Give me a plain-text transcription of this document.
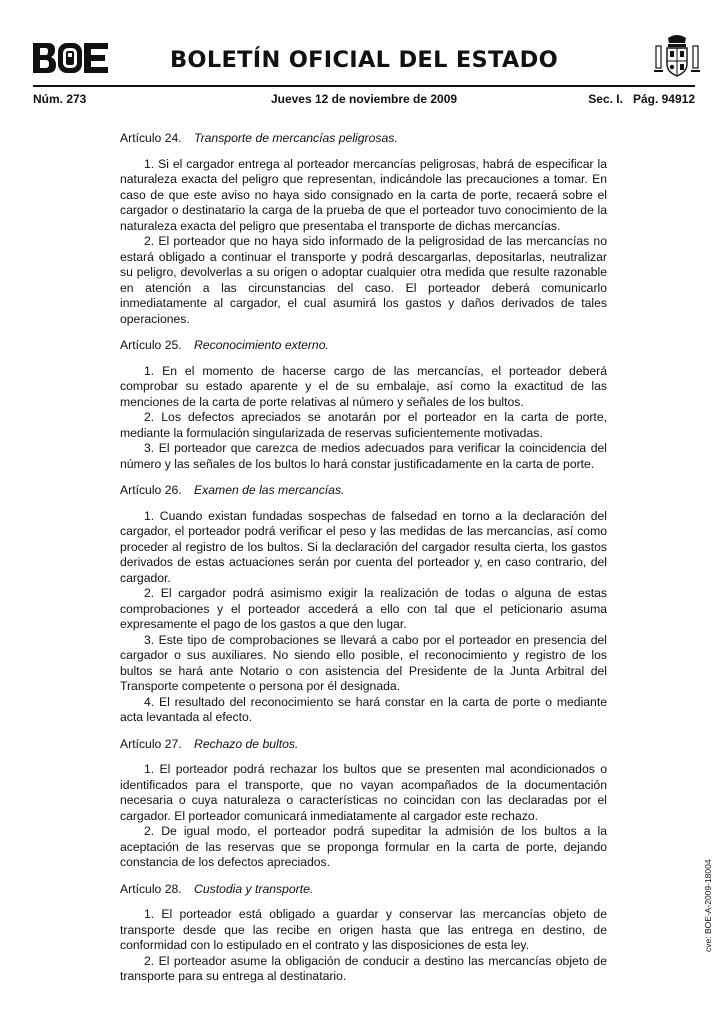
BOLETÍN OFICIAL DEL ESTADO
Núm. 273	Jueves 12 de noviembre de 2009	Sec. I.   Pág. 94912

Artículo 24. Transporte de mercancías peligrosas.

1. Si el cargador entrega al porteador mercancías peligrosas, habrá de especificar la naturaleza exacta del peligro que representan, indicándole las precauciones a tomar. En caso de que este aviso no haya sido consignado en la carta de porte, recaerá sobre el cargador o destinatario la carga de la prueba de que el porteador tuvo conocimiento de la naturaleza exacta del peligro que presentaba el transporte de dichas mercancías.

2. El porteador que no haya sido informado de la peligrosidad de las mercancías no estará obligado a continuar el transporte y podrá descargarlas, depositarlas, neutralizar su peligro, devolverlas a su origen o adoptar cualquier otra medida que resulte razonable en atención a las circunstancias del caso. El porteador deberá comunicarlo inmediatamente al cargador, el cual asumirá los gastos y daños derivados de tales operaciones.

Artículo 25. Reconocimiento externo.

1. En el momento de hacerse cargo de las mercancías, el porteador deberá comprobar su estado aparente y el de su embalaje, así como la exactitud de las menciones de la carta de porte relativas al número y señales de los bultos.

2. Los defectos apreciados se anotarán por el porteador en la carta de porte, mediante la formulación singularizada de reservas suficientemente motivadas.

3. El porteador que carezca de medios adecuados para verificar la coincidencia del número y las señales de los bultos lo hará constar justificadamente en la carta de porte.

Artículo 26. Examen de las mercancías.

1. Cuando existan fundadas sospechas de falsedad en torno a la declaración del cargador, el porteador podrá verificar el peso y las medidas de las mercancías, así como proceder al registro de los bultos. Si la declaración del cargador resulta cierta, los gastos derivados de estas actuaciones serán por cuenta del porteador y, en caso contrario, del cargador.

2. El cargador podrá asimismo exigir la realización de todas o alguna de estas comprobaciones y el porteador accederá a ello con tal que el peticionario asuma expresamente el pago de los gastos a que den lugar.

3. Este tipo de comprobaciones se llevará a cabo por el porteador en presencia del cargador o sus auxiliares. No siendo ello posible, el reconocimiento y registro de los bultos se hará ante Notario o con asistencia del Presidente de la Junta Arbitral del Transporte competente o persona por él designada.

4. El resultado del reconocimiento se hará constar en la carta de porte o mediante acta levantada al efecto.

Artículo 27. Rechazo de bultos.

1. El porteador podrá rechazar los bultos que se presenten mal acondicionados o identificados para el transporte, que no vayan acompañados de la documentación necesaria o cuya naturaleza o características no coincidan con las declaradas por el cargador. El porteador comunicará inmediatamente al cargador este rechazo.

2. De igual modo, el porteador podrá supeditar la admisión de los bultos a la aceptación de las reservas que se proponga formular en la carta de porte, dejando constancia de los defectos apreciados.

Artículo 28. Custodia y transporte.

1. El porteador está obligado a guardar y conservar las mercancías objeto de transporte desde que las recibe en origen hasta que las entrega en destino, de conformidad con lo estipulado en el contrato y las disposiciones de esta ley.

2. El porteador asume la obligación de conducir a destino las mercancías objeto de transporte para su entrega al destinatario.

cve: BOE-A-2009-18004
